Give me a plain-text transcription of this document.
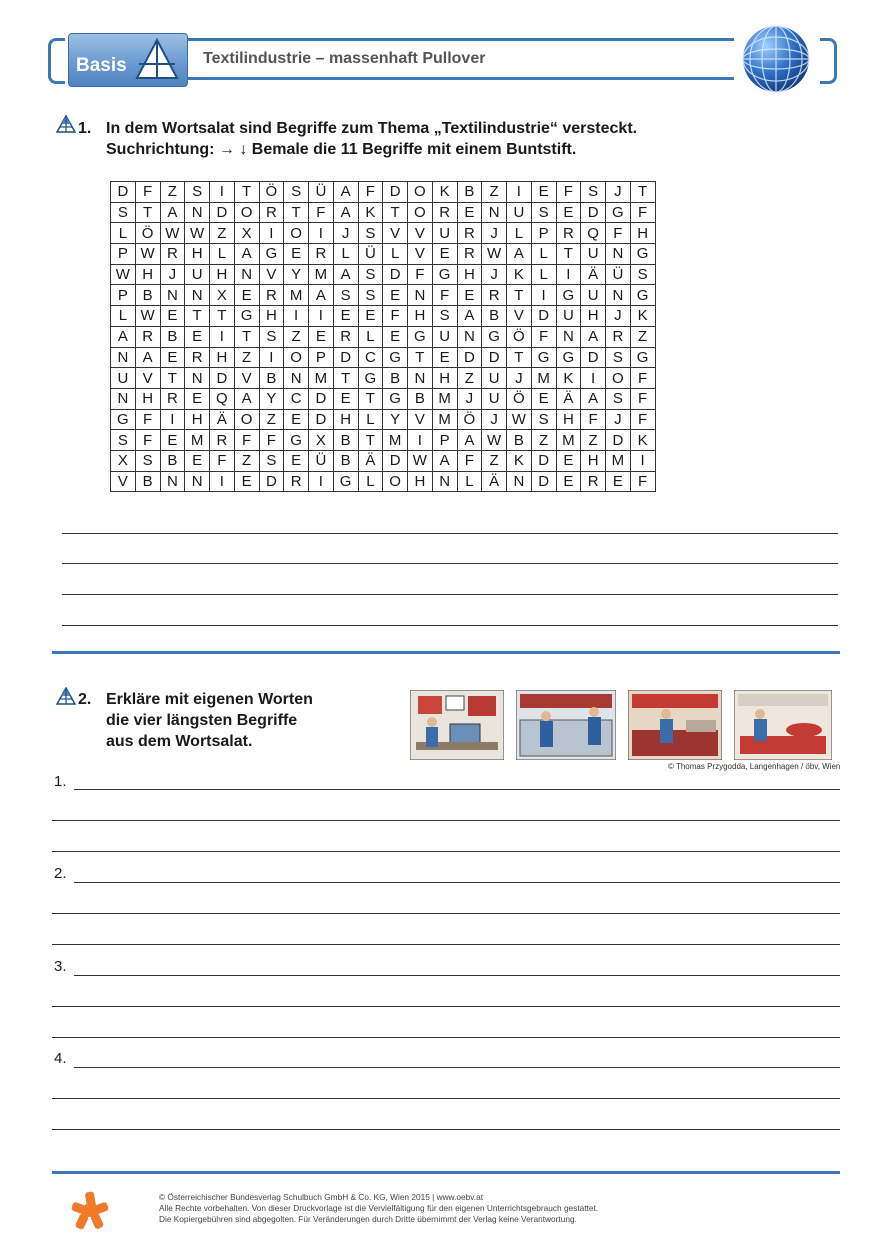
Basis	Textilindustrie – massenhaft Pullover
1. In dem Wortsalat sind Begriffe zum Thema „Textilindustrie“ versteckt.
Suchrichtung: → ↓ Bemale die 11 Begriffe mit einem Buntstift.
D	F	Z	S	I	T	Ö	S	Ü	A	F	D	O	K	B	Z	I	E	F	S	J	T
S	T	A	N	D	O	R	T	F	A	K	T	O	R	E	N	U	S	E	D	G	F
L	Ö	W	W	Z	X	I	O	I	J	S	V	V	U	R	J	L	P	R	Q	F	H
P	W	R	H	L	A	G	E	R	L	Ü	L	V	E	R	W	A	L	T	U	N	G
W	H	J	U	H	N	V	Y	M	A	S	D	F	G	H	J	K	L	I	Ä	Ü	S
P	B	N	N	X	E	R	M	A	S	S	E	N	F	E	R	T	I	G	U	N	G
L	W	E	T	T	G	H	I	I	E	E	F	H	S	A	B	V	D	U	H	J	K
A	R	B	E	I	T	S	Z	E	R	L	E	G	U	N	G	Ö	F	N	A	R	Z
N	A	E	R	H	Z	I	O	P	D	C	G	T	E	D	D	T	G	G	D	S	G
U	V	T	N	D	V	B	N	M	T	G	B	N	H	Z	U	J	M	K	I	O	F
N	H	R	E	Q	A	Y	C	D	E	T	G	B	M	J	U	Ö	E	Ä	A	S	F
G	F	I	H	Ä	O	Z	E	D	H	L	Y	V	M	Ö	J	W	S	H	F	J	F
S	F	E	M	R	F	F	G	X	B	T	M	I	P	A	W	B	Z	M	Z	D	K
X	S	B	E	F	Z	S	E	Ü	B	Ä	D	W	A	F	Z	K	D	E	H	M	I
V	B	N	N	I	E	D	R	I	G	L	O	H	N	L	Ä	N	D	E	R	E	F
2. Erkläre mit eigenen Worten
die vier längsten Begriffe
aus dem Wortsalat.
© Thomas Przygodda, Langenhagen / öbv, Wien
1.
2.
3.
4.
© Österreichischer Bundesverlag Schulbuch GmbH & Co. KG, Wien 2015 | www.oebv.at
Alle Rechte vorbehalten. Von dieser Druckvorlage ist die Vervielfältigung für den eigenen Unterrichtsgebrauch gestattet.
Die Kopiergebühren sind abgegolten. Für Veränderungen durch Dritte übernimmt der Verlag keine Verantwortung.
